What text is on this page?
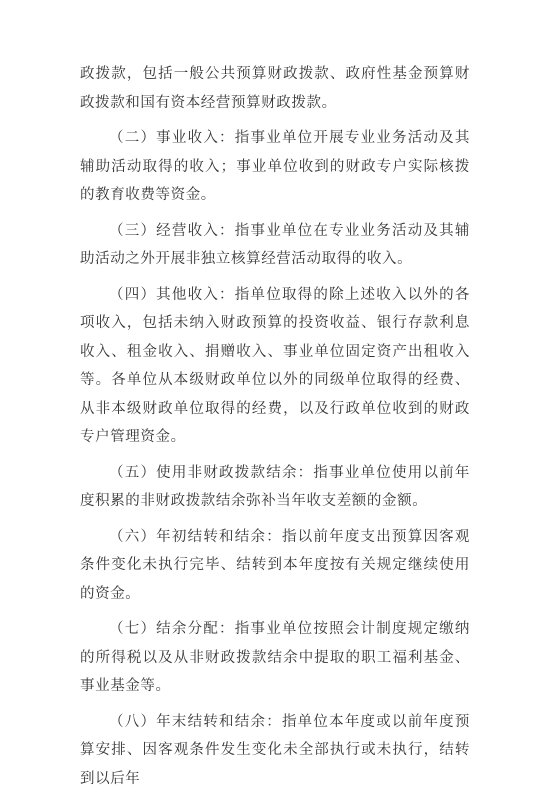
政拨款，包括一般公共预算财政拨款、政府性基金预算财政拨款和国有资本经营预算财政拨款。

（二）事业收入：指事业单位开展专业业务活动及其辅助活动取得的收入；事业单位收到的财政专户实际核拨的教育收费等资金。

（三）经营收入：指事业单位在专业业务活动及其辅助活动之外开展非独立核算经营活动取得的收入。

（四）其他收入：指单位取得的除上述收入以外的各项收入，包括未纳入财政预算的投资收益、银行存款利息收入、租金收入、捐赠收入、事业单位固定资产出租收入等。各单位从本级财政单位以外的同级单位取得的经费、从非本级财政单位取得的经费，以及行政单位收到的财政专户管理资金。

（五）使用非财政拨款结余：指事业单位使用以前年度积累的非财政拨款结余弥补当年收支差额的金额。

（六）年初结转和结余：指以前年度支出预算因客观条件变化未执行完毕、结转到本年度按有关规定继续使用的资金。

（七）结余分配：指事业单位按照会计制度规定缴纳的所得税以及从非财政拨款结余中提取的职工福利基金、事业基金等。

（八）年末结转和结余：指单位本年度或以前年度预算安排、因客观条件发生变化未全部执行或未执行，结转到以后年
